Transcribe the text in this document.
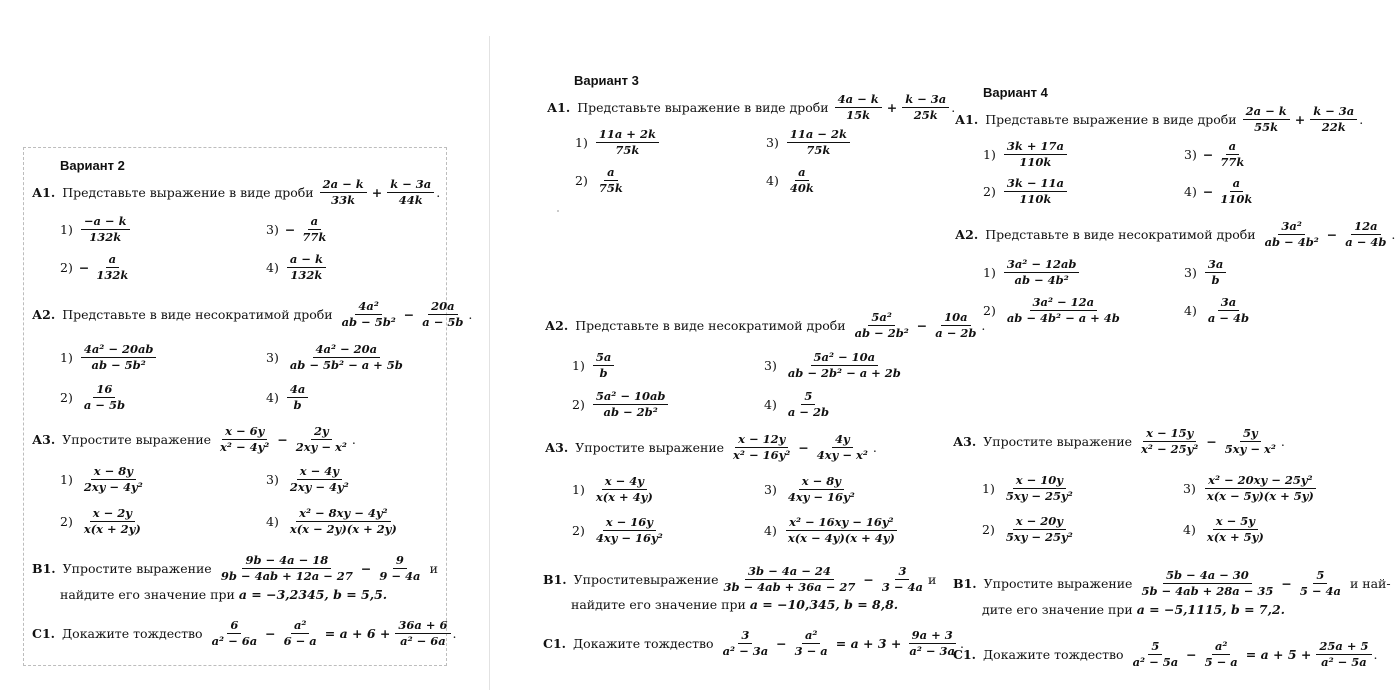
Вариант 2
А1. Представьте выражение в виде дроби

2a − k
33k
+ $\frac{k - 3a}{44k}$ .
1)
−a − k
132k
$3) - \frac{a}{77k}$
$2) - \frac{a}{132k}$	4)
a − k
132k
А2. Представьте в виде несократимой дроби

4a²
ab − 5b²
− $\frac{20a}{a - 5b}$ .
1)
4a² − 20ab
ab − 5b²
3)
4a² − 20a
ab − 5b² − a + 5b
2)
16
a − 5b
4)
4a
b
А3. Упростите выражение

x − 6y
x² − 4y²
− $\frac{2y}{\text{2xy − x²}}$ .
1)
x − 8y
2xy − 4y²
3)
x − 4y
2xy − 4y²
2)
x − 2y
x(x + 2y)
4)
x² − 8xy − 4y²
x(x − 2y)(x + 2y)
В1. Упростите выражение
9b − 4a − 18
9b − 4ab + 12a − 27
− $\frac{9}{9 - 4a}$ и
найдите его значение при
a = −3,2345, b = 5,5.
С1. Докажите тождество

6
a² − 6a
− $\frac{\text{a²}}{6 - a} = a + 6 + \frac{36a + 6}{\text{a² − 6a}}$ .
Вариант 3
А1. Представьте выражение в виде дроби

4a − k
15k
+ $\frac{k - 3a}{25k}$ .
1)
11a + 2k
75k
3)
11a − 2k
75k
2)
a
75k
4)
a
40k
А2. Представьте в виде несократимой дроби

5a²
ab − 2b²
− $\frac{10a}{a - 2b}$ .
1)
5a
b
3)
5a² − 10a
ab − 2b² − a + 2b
2)
5a² − 10ab
ab − 2b²
4)
5
a − 2b
А3. Упростите выражение

x − 12y
x² − 16y²
− $\frac{4y}{\text{4xy − x²}}$ .
1)
x − 4y
x(x + 4y)
3)
x − 8y
4xy − 16y²
2)
x − 16y
4xy − 16y²
4)
x² − 16xy − 16y²
x(x − 4y)(x + 4y)
В1. Упростите выражение
3b − 4a − 24
3b − 4ab + 36a − 27
− $\frac{3}{3 - 4a}$ и
найдите его значение при
a = −10,345, b = 8,8.
С1. Докажите тождество

3
a² − 3a
− $\frac{\text{a²}}{3 - a} = a + 3 + \frac{9a + 3}{\text{a² − 3a}}$ .
Вариант 4
А1. Представьте выражение в виде дроби

2a − k
55k
+ $\frac{k - 3a}{22k}$ .
1)
3k + 17a
110k
$3) - \frac{a}{77k}$
2)
3k − 11a
110k
$4) - \frac{a}{110k}$
А2. Представьте в виде несократимой дроби

3a²
ab − 4b²
− $\frac{12a}{a - 4b}$ .
1)
3a² − 12ab
ab − 4b²
3)
3a
b
2)
3a² − 12a
ab − 4b² − a + 4b
4)
3a
a − 4b
А3. Упростите выражение

x − 15y
x² − 25y²
− $\frac{5y}{\text{5xy − x²}}$ .
1)
x − 10y
5xy − 25y²
3)
x² − 20xy − 25y²
x(x − 5y)(x + 5y)
2)
x − 20y
5xy − 25y²
4)
x − 5y
x(x + 5y)
В1. Упростите
выражение

5b − 4a − 30
5b − 4ab + 28a − 35
− $\frac{5}{5 - 4a}$
и най-
дите его значение при
a = −5,1115, b = 7,2.
С1. Докажите тождество

5
a² − 5a
− $\frac{\text{a²}}{5 - a} = a + 5 + \frac{25a + 5}{\text{a² − 5a}}$ .
